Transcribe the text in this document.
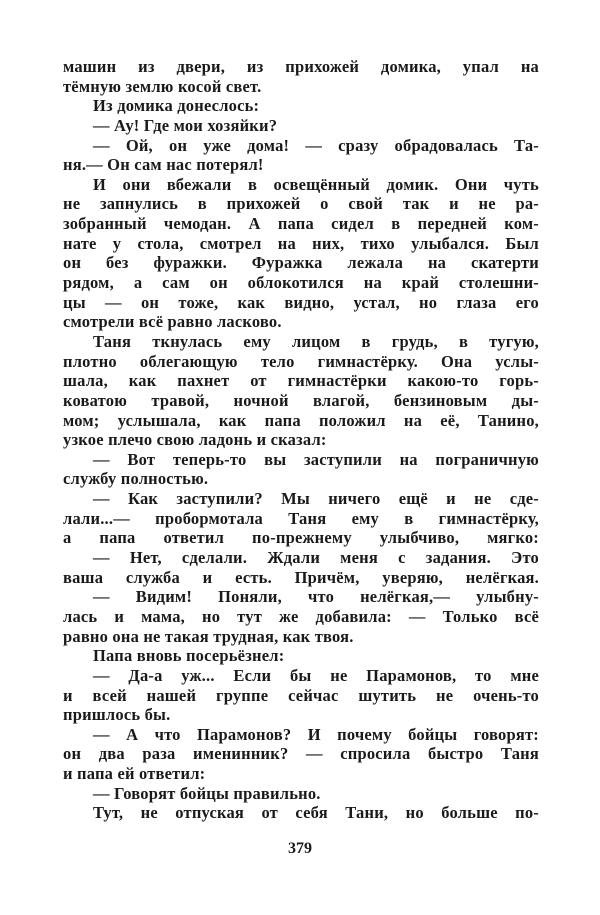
машин из двери, из прихожей домика, упал на
тёмную землю косой свет.
Из домика донеслось:
— Ау! Где мои хозяйки?
— Ой, он уже дома! — сразу обрадовалась Та-
ня.— Он сам нас потерял!
И они вбежали в освещённый домик. Они чуть
не запнулись в прихожей о свой так и не ра-
зобранный чемодан. А папа сидел в передней ком-
нате у стола, смотрел на них, тихо улыбался. Был
он без фуражки. Фуражка лежала на скатерти
рядом, а сам он облокотился на край столешни-
цы — он тоже, как видно, устал, но глаза его
смотрели всё равно ласково.
Таня ткнулась ему лицом в грудь, в тугую,
плотно облегающую тело гимнастёрку. Она услы-
шала, как пахнет от гимнастёрки какою-то горь-
коватою травой, ночной влагой, бензиновым ды-
мом; услышала, как папа положил на её, Танино,
узкое плечо свою ладонь и сказал:
— Вот теперь-то вы заступили на пограничную
службу полностью.
— Как заступили? Мы ничего ещё и не сде-
лали...— пробормотала Таня ему в гимнастёрку,
а папа ответил по-прежнему улыбчиво, мягко:
— Нет, сделали. Ждали меня с задания. Это
ваша служба и есть. Причём, уверяю, нелёгкая.
— Видим! Поняли, что нелёгкая,— улыбну-
лась и мама, но тут же добавила: — Только всё
равно она не такая трудная, как твоя.
Папа вновь посерьёзнел:
— Да-а уж... Если бы не Парамонов, то мне
и всей нашей группе сейчас шутить не очень-то
пришлось бы.
— А что Парамонов? И почему бойцы говорят:
он два раза именинник? — спросила быстро Таня
и папа ей ответил:
— Говорят бойцы правильно.
Тут, не отпуская от себя Тани, но больше по-
379
